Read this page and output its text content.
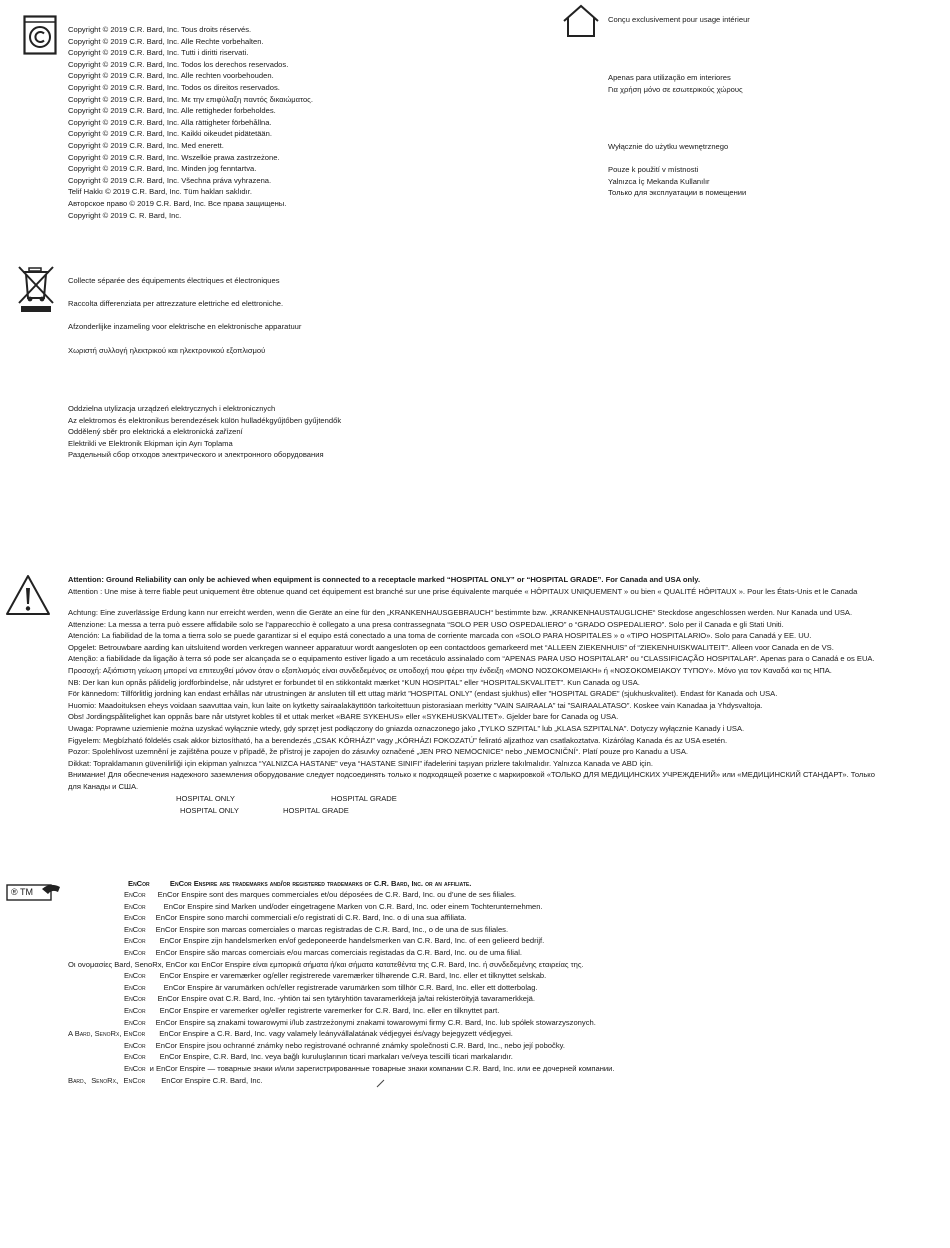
Copyright © 2019 C.R. Bard, Inc. Tous droits réservés.
Copyright © 2019 C.R. Bard, Inc. Alle Rechte vorbehalten.
Copyright © 2019 C.R. Bard, Inc. Tutti i diritti riservati.
Copyright © 2019 C.R. Bard, Inc. Todos los derechos reservados.
Copyright © 2019 C.R. Bard, Inc. Alle rechten voorbehouden.
Copyright © 2019 C.R. Bard, Inc. Todos os direitos reservados.
Copyright © 2019 C.R. Bard, Inc. Με την επιφύλαξη παντός δικαιώματος.
Copyright © 2019 C.R. Bard, Inc. Alle rettigheder forbeholdes.
Copyright © 2019 C.R. Bard, Inc. Alla rättigheter förbehållna.
Copyright © 2019 C.R. Bard, Inc. Kaikki oikeudet pidätetään.
Copyright © 2019 C.R. Bard, Inc. Med enerett.
Copyright © 2019 C.R. Bard, Inc. Wszelkie prawa zastrzeżone.
Copyright © 2019 C.R. Bard, Inc. Minden jog fenntartva.
Copyright © 2019 C.R. Bard, Inc. Všechna práva vyhrazena.
Telif Hakkı © 2019 C.R. Bard, Inc. Tüm hakları saklıdır.
Авторское право © 2019 C.R. Bard, Inc. Все права защищены.
Copyright © 2019 C. R. Bard, Inc.
Conçu exclusivement pour usage intérieur
Apenas para utilização em interiores
Για χρήση μόνο σε εσωτερικούς χώρους
Wyłącznie do użytku wewnętrznego
Pouze k použití v místnosti
Yalnızca İç Mekanda Kullanılır
Только для эксплуатации в помещении
Collecte séparée des équipements électriques et électroniques
Raccolta differenziata per attrezzature elettriche ed elettroniche.
Afzonderlijke inzameling voor elektrische en elektronische apparatuur
Χωριστή συλλογή ηλεκτρικού και ηλεκτρονικού εξοπλισμού
Oddzielna utylizacja urządzeń elektrycznych i elektronicznych
Az elektromos és elektronikus berendezések külön hulladékgyűjtőben gyűjtendők
Oddělený sběr pro elektrická a elektronická zařízení
Elektrikli ve Elektronik Ekipman için Ayrı Toplama
Раздельный сбор отходов электрического и электронного оборудования
Attention: Ground Reliability can only be achieved when equipment is connected to a receptacle marked “HOSPITAL ONLY” or “HOSPITAL GRADE”. For Canada and USA only.
Attention : Une mise à terre fiable peut uniquement être obtenue quand cet équipement est branché sur une prise équivalente marquée « HÔPITAUX UNIQUEMENT » ou bien « QUALITÉ HÔPITAUX ». Pour les États-Unis et le Canada
Achtung: Eine zuverlässige Erdung kann nur erreicht werden, wenn die Geräte an eine für den „KRANKENHAUSGEBRAUCH“ bestimmte bzw. „KRANKENHAUSTAUGLICHE“ Steckdose angeschlossen werden. Nur Kanada und USA.
Attenzione: La messa a terra può essere affidabile solo se l’apparecchio è collegato a una presa contrassegnata “SOLO PER USO OSPEDALIERO” o “GRADO OSPEDALIERO”. Solo per il Canada e gli Stati Uniti.
Atención: La fiabilidad de la toma a tierra solo se puede garantizar si el equipo está conectado a una toma de corriente marcada con «SOLO PARA HOSPITALES » o «TIPO HOSPITALARIO». Solo para Canadá y EE. UU.
Opgelet: Betrouwbare aarding kan uitsluitend worden verkregen wanneer apparatuur wordt aangesloten op een contactdoos gemarkeerd met “ALLEEN ZIEKENHUIS” of “ZIEKENHUISKWALITEIT”. Alleen voor Canada en de VS.
Atenção: a fiabilidade da ligação à terra só pode ser alcançada se o equipamento estiver ligado a um recetáculo assinalado com “APENAS PARA USO HOSPITALAR” ou “CLASSIFICAÇÃO HOSPITALAR”. Apenas para o Canadá e os EUA.
Προσοχή: Αξιόπιστη γείωση μπορεί να επιτευχθεί μόνον όταν ο εξοπλισμός είναι συνδεδεμένος σε υποδοχή που φέρει την ένδειξη «ΜΟΝΟ ΝΟΣΟΚΟΜΕΙΑΚΗ» ή «ΝΟΣΟΚΟΜΕΙΑΚΟΥ ΤΥΠΟΥ». Μόνο για τον Καναδά και τις ΗΠΑ.
NB: Der kan kun opnås pålidelig jordforbindelse, når udstyret er forbundet til en stikkontakt mærket “KUN HOSPITAL” eller “HOSPITALSKVALITET”. Kun Canada og USA.
För kännedom: Tillförlitlig jordning kan endast erhållas när utrustningen är ansluten till ett uttag märkt ”HOSPITAL ONLY” (endast sjukhus) eller ”HOSPITAL GRADE” (sjukhuskvalitet). Endast för Kanada och USA.
Huomio: Maadoituksen eheys voidaan saavuttaa vain, kun laite on kytketty sairaalakäyttöön tarkoitettuun pistorasiaan merkitty ”VAIN SAIRAALA” tai ”SAIRAALATASO”. Koskee vain Kanadaa ja Yhdysvaltoja.
Obs! Jordingspålitelighet kan oppnås bare når utstyret kobles til et uttak merket «BARE SYKEHUS» eller «SYKEHUSKVALITET». Gjelder bare for Canada og USA.
Uwaga: Poprawne uziemienie można uzyskać wyłącznie wtedy, gdy sprzęt jest podłączony do gniazda oznaczonego jako „TYLKO SZPITAL” lub „KLASA SZPITALNA”. Dotyczy wyłącznie Kanady i USA.
Figyelem: Megbízható földelés csak akkor biztosítható, ha a berendezés „CSAK KÓRHÁZI” vagy „KÓRHÁZI FOKOZATÚ” felirató aljzathoz van csatlakoztatva. Kizárólag Kanada és az USA esetén.
Pozor: Spolehlivost uzemnění je zajištěna pouze v případě, že přístroj je zapojen do zásuvky označené „JEN PRO NEMOCNICE“ nebo „NEMOCNIČNÍ“. Platí pouze pro Kanadu a USA.
Dikkat: Topraklamanın güvenilirliği için ekipman yalnızca “YALNIZCA HASTANE” veya “HASTANE SINIFI” ifadelerini taşıyan prizlere takılmalıdır. Yalnızca Kanada ve ABD için.
Внимание! Для обеспечения надежного заземления оборудование следует подсоединять только к подходящей розетке с маркировкой «ТОЛЬКО ДЛЯ МЕДИЦИНСКИХ УЧРЕЖДЕНИЙ» или «МЕДИЦИНСКИЙ СТАНДАРТ». Только
для Канады и США.
HOSPITAL ONLY	HOSPITAL GRADE
HOSPITAL ONLY	HOSPITAL GRADE
® TM
EnCor	EnCor Enspire are trademarks and/or registered trademarks of C.R. Bard, Inc. or an affiliate.
EnCor EnCor Enspire sont des marques commerciales et/ou déposées de C.R. Bard, Inc. ou d’une de ses filiales.
EnCor EnCor Enspire sind Marken und/oder eingetragene Marken von C.R. Bard, Inc. oder einem Tochterunternehmen.
EnCor EnCor Enspire sono marchi commerciali e/o registrati di C.R. Bard, Inc. o di una sua affiliata.
EnCor EnCor Enspire son marcas comerciales o marcas registradas de C.R. Bard, Inc., o de una de sus filiales.
EnCor EnCor Enspire zijn handelsmerken en/of gedeponeerde handelsmerken van C.R. Bard, Inc. of een gelieerd bedrijf.
EnCor EnCor Enspire são marcas comerciais e/ou marcas comerciais registadas da C.R. Bard, Inc. ou de uma filial.
Οι ονομασίες Bard, SenoRx, EnCor και EnCor Enspire είναι εμπορικά σήματα ή/και σήματα κατατεθέντα της C.R. Bard, Inc. ή συνδεδεμένης εταιρείας της.
EnCor EnCor Enspire er varemærker og/eller registrerede varemærker tilhørende C.R. Bard, Inc. eller et tilknyttet selskab.
EnCor EnCor Enspire är varumärken och/eller registrerade varumärken som tillhör C.R. Bard, Inc. eller ett dotterbolag.
EnCor EnCor Enspire ovat C.R. Bard, Inc. -yhtiön tai sen tytäryhtiön tavaramerkkejä ja/tai rekisteröityjä tavaramerkkejä.
EnCor EnCor Enspire er varemerker og/eller registrerte varemerker for C.R. Bard, Inc. eller en tilknyttet part.
EnCor EnCor Enspire są znakami towarowymi i/lub zastrzeżonymi znakami towarowymi firmy C.R. Bard, Inc. lub spółek stowarzyszonych.
A Bard, SenoRx, EnCor EnCor Enspire a C.R. Bard, Inc. vagy valamely leányvállalatának védjegyei és/vagy bejegyzett védjegyei.
EnCor EnCor Enspire jsou ochranné známky nebo registrované ochranné známky společnosti C.R. Bard, Inc., nebo její pobočky.
EnCor EnCor Enspire, C.R. Bard, Inc. veya bağlı kuruluşlarının ticari markaları ve/veya tescilli ticari markalarıdır.
EnCor и EnCor Enspire — товарные знаки и/или зарегистрированные товарные знаки компании C.R. Bard, Inc. или ее дочерней компании.
Bard、SenoRx、EnCor EnCor Enspire C.R. Bard, Inc.
